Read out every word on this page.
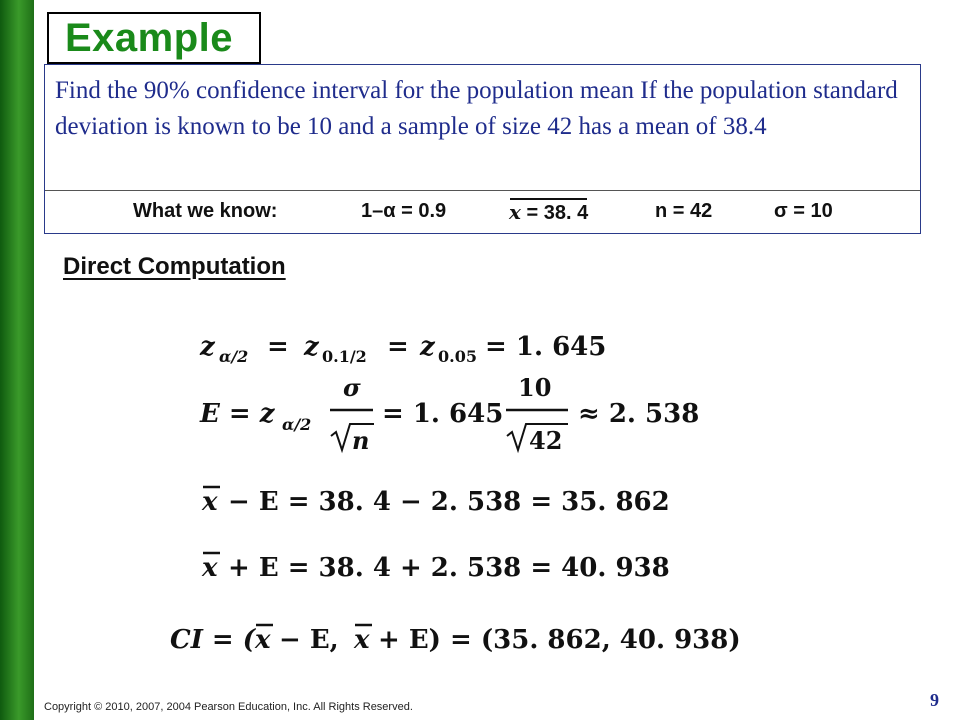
Example
Find the 90% confidence interval for the population mean If the population standard deviation is known to be 10 and a sample of size 42 has a mean of 38.4
What we know:	1–α = 0.9	x = 38. 4	n = 42	σ = 10
Direct Computation
z α/2 = z 0.1/2 = z 0.05 = 1. 645
E = z α/2
σ
n
= 1. 645
10
42
≈ 2. 538
x − E = 38. 4 − 2. 538 = 35. 862
x + E = 38. 4 + 2. 538 = 40. 938
CI = ( x − E, x + E) = (35. 862, 40. 938)
Copyright © 2010, 2007, 2004 Pearson Education, Inc. All Rights Reserved.	9
